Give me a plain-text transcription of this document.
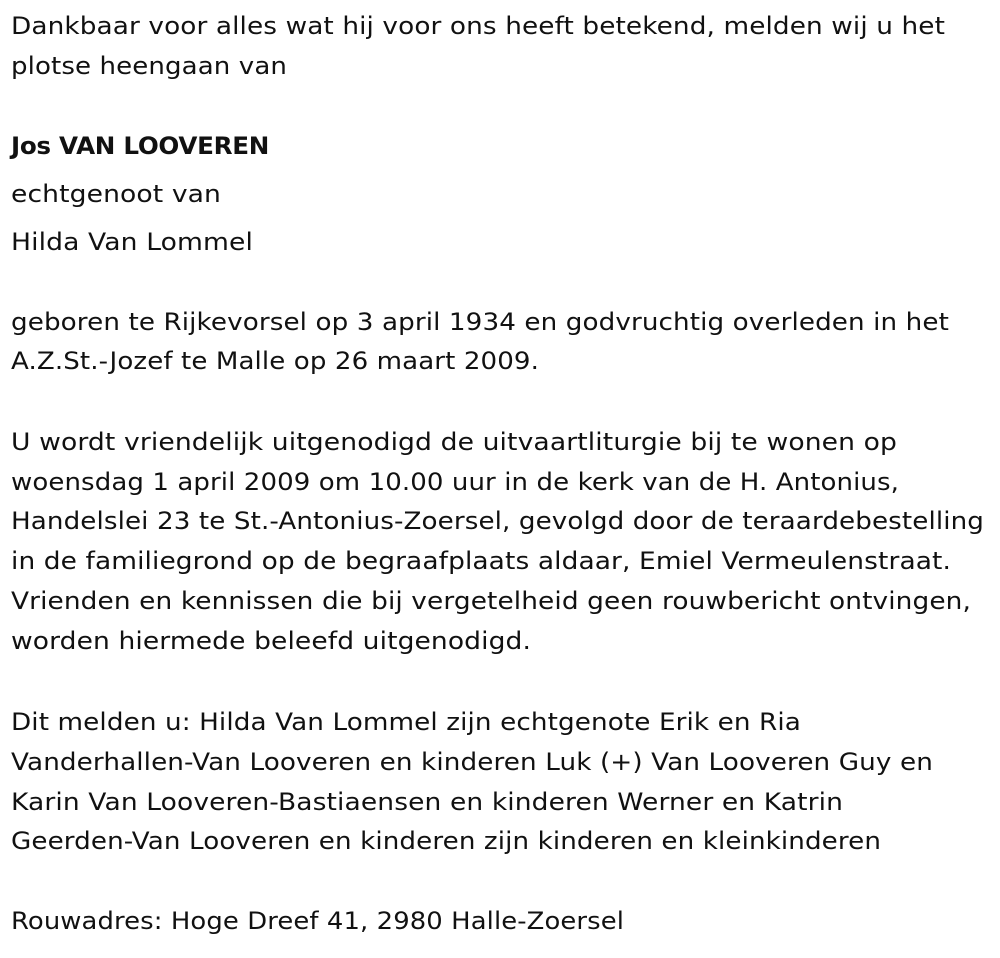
Dankbaar voor alles wat hij voor ons heeft betekend, melden wij u het
plotse heengaan van
Jos VAN LOOVEREN
echtgenoot van
Hilda Van Lommel
geboren te Rijkevorsel op 3 april 1934 en godvruchtig overleden in het
A.Z.St.-Jozef te Malle op 26 maart 2009.
U wordt vriendelijk uitgenodigd de uitvaartliturgie bij te wonen op
woensdag 1 april 2009 om 10.00 uur in de kerk van de H. Antonius,
Handelslei 23 te St.-Antonius-Zoersel, gevolgd door de teraardebestelling
in de familiegrond op de begraafplaats aldaar, Emiel Vermeulenstraat.
Vrienden en kennissen die bij vergetelheid geen rouwbericht ontvingen,
worden hiermede beleefd uitgenodigd.
Dit melden u: Hilda Van Lommel zijn echtgenote Erik en Ria
Vanderhallen-Van Looveren en kinderen Luk (+) Van Looveren Guy en
Karin Van Looveren-Bastiaensen en kinderen Werner en Katrin
Geerden-Van Looveren en kinderen zijn kinderen en kleinkinderen
Rouwadres: Hoge Dreef 41, 2980 Halle-Zoersel
